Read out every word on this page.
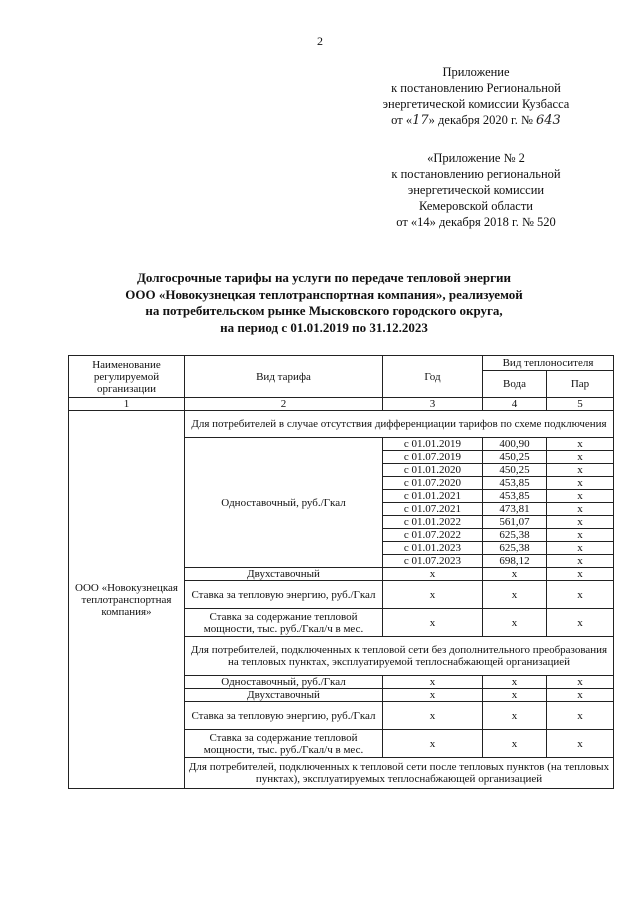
2
Приложение
к постановлению Региональной
энергетической комиссии Кузбасса
от «17» декабря 2020 г. № 643
«Приложение № 2
к постановлению региональной
энергетической комиссии
Кемеровской области
от «14» декабря 2018 г. № 520
Долгосрочные тарифы на услуги по передаче тепловой энергии
ООО «Новокузнецкая теплотранспортная компания», реализуемой
на потребительском рынке Мысковского городского округа,
на период с 01.01.2019 по 31.12.2023
Наименование регулируемой организации	Вид тарифа	Год	Вид теплоносителя	
			Вода	Пар
1	2	3	4	5
ООО «Новокузнецкая теплотранспортная компания»	Для потребителей в случае отсутствия дифференциации тарифов по схеме подключения			
	Одноставочный, руб./Гкал	с 01.01.2019	400,90	x
		с 01.07.2019	450,25	x
		с 01.01.2020	450,25	x
		с 01.07.2020	453,85	x
		с 01.01.2021	453,85	x
		с 01.07.2021	473,81	x
		с 01.01.2022	561,07	x
		с 01.07.2022	625,38	x
		с 01.01.2023	625,38	x
		с 01.07.2023	698,12	x
	Двухставочный	x	x	x
	Ставка за тепловую энергию, руб./Гкал	x	x	x
	Ставка за содержание тепловой мощности, тыс. руб./Гкал/ч в мес.	x	x	x
	Для потребителей, подключенных к тепловой сети без дополнительного преобразования на тепловых пунктах, эксплуатируемой теплоснабжающей организацией			
	Одноставочный, руб./Гкал	x	x	x
	Двухставочный	x	x	x
	Ставка за тепловую энергию, руб./Гкал	x	x	x
	Ставка за содержание тепловой мощности, тыс. руб./Гкал/ч в мес.	x	x	x
	Для потребителей, подключенных к тепловой сети после тепловых пунктов (на тепловых пунктах), эксплуатируемых теплоснабжающей организацией			
